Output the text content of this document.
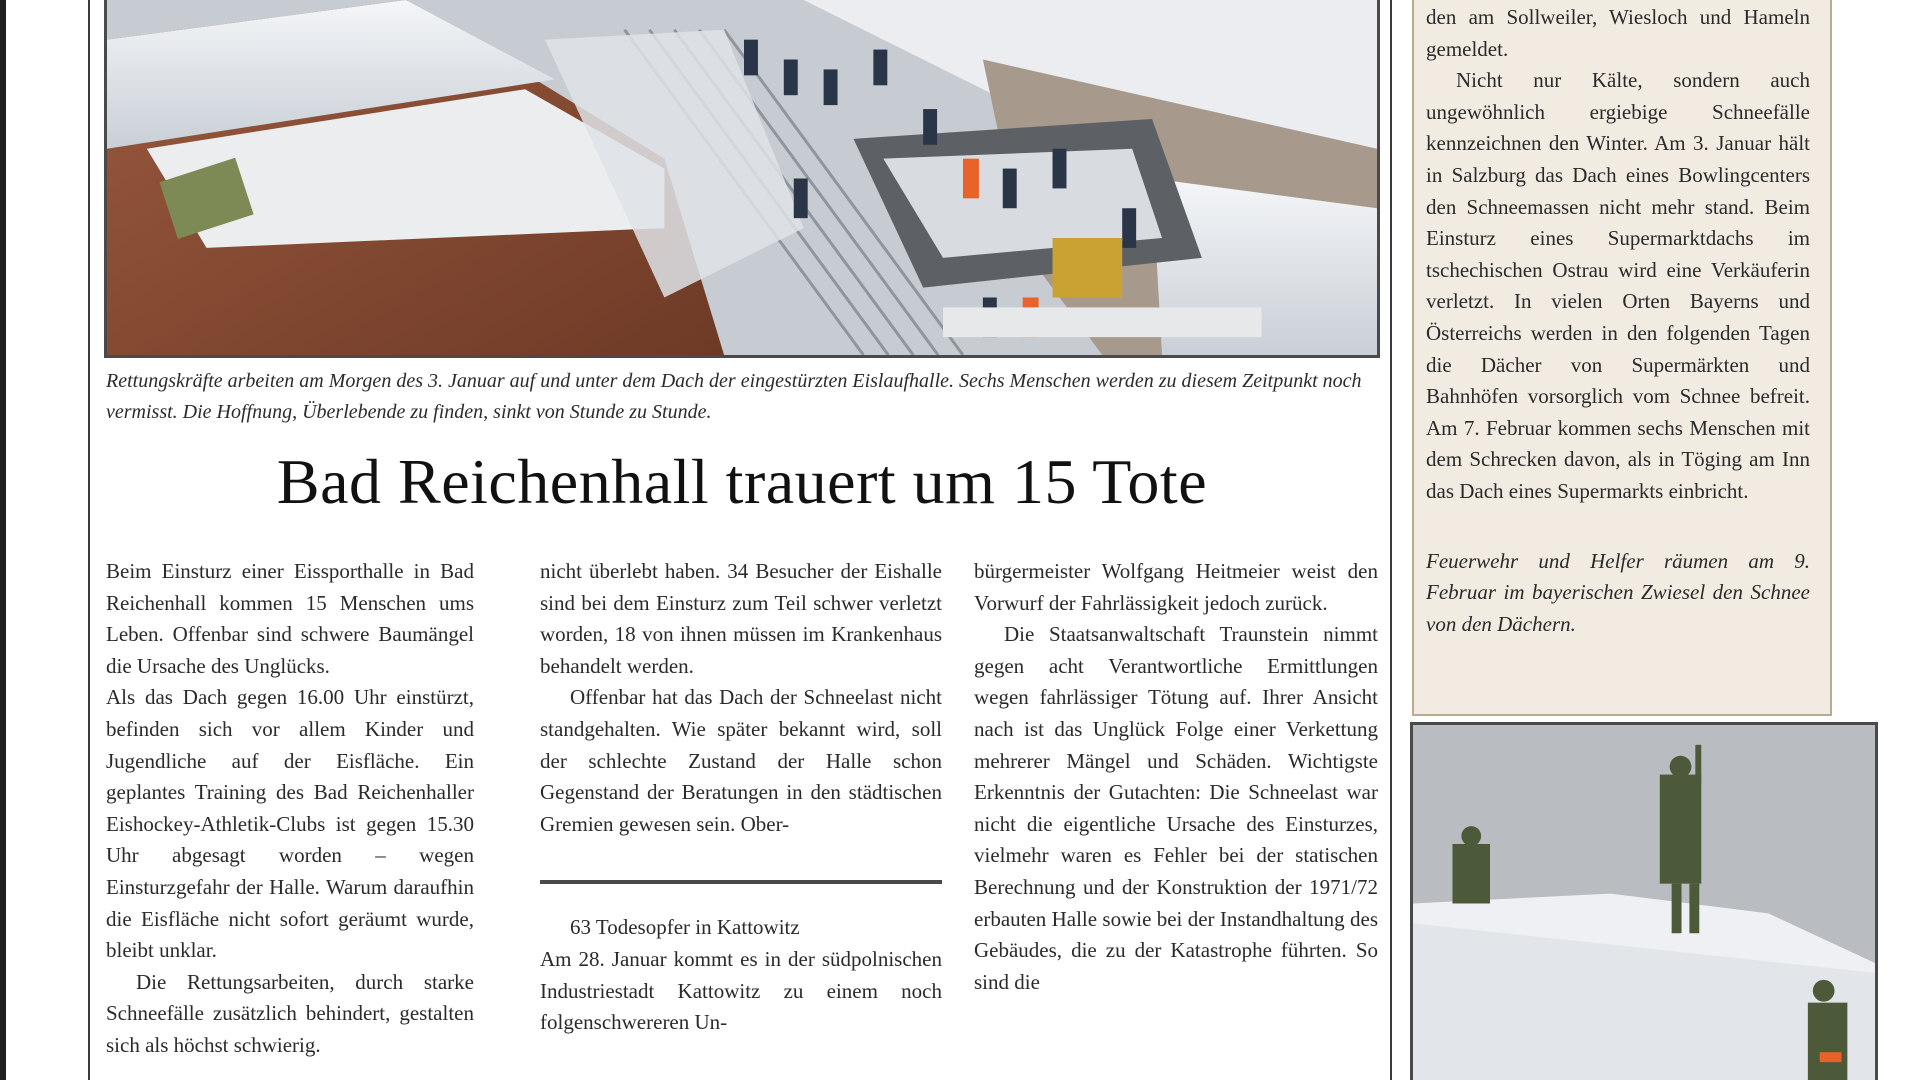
Rettungskräfte arbeiten am Morgen des 3. Januar auf und unter dem Dach der eingestürzten Eislaufhalle. Sechs Menschen werden zu diesem Zeitpunkt noch vermisst. Die Hoffnung, Überlebende zu finden, sinkt von Stunde zu Stunde.
Bad Reichenhall trauert um 15 Tote

Beim Einsturz einer Eissporthalle in Bad Reichenhall kommen 15 Menschen ums Leben. Offenbar sind schwere Baumängel die Ursache des Unglücks.

Als das Dach gegen 16.00 Uhr einstürzt, befinden sich vor allem Kinder und Jugendliche auf der Eisfläche. Ein geplantes Training des Bad Reichenhaller Eishockey-Athletik-Clubs ist gegen 15.30 Uhr abgesagt worden – wegen Einsturzgefahr der Halle. Warum daraufhin die Eisfläche nicht sofort geräumt wurde, bleibt unklar.

Die Rettungsarbeiten, durch starke Schneefälle zusätzlich behindert, gestalten sich als höchst schwierig.

nicht überlebt haben. 34 Besucher der Eishalle sind bei dem Einsturz zum Teil schwer verletzt worden, 18 von ihnen müssen im Krankenhaus behandelt werden.

Offenbar hat das Dach der Schneelast nicht standgehalten. Wie später bekannt wird, soll der schlechte Zustand der Halle schon Gegenstand der Beratungen in den städtischen Gremien gewesen sein. Ober-

63 Todesopfer in Kattowitz

Am 28. Januar kommt es in der südpolnischen Industriestadt Kattowitz zu einem noch folgenschwereren Un-

bürgermeister Wolfgang Heitmeier weist den Vorwurf der Fahrlässigkeit jedoch zurück.

Die Staatsanwaltschaft Traunstein nimmt gegen acht Verantwortliche Ermittlungen wegen fahrlässiger Tötung auf. Ihrer Ansicht nach ist das Unglück Folge einer Verkettung mehrerer Mängel und Schäden. Wichtigste Erkenntnis der Gutachten: Die Schneelast war nicht die eigentliche Ursache des Einsturzes, vielmehr waren es Fehler bei der statischen Berechnung und der Konstruktion der 1971/72 erbauten Halle sowie bei der Instandhaltung des Gebäudes, die zu der Katastrophe führten. So sind die

den am Sollweiler, Wiesloch und Hameln gemeldet.

Nicht nur Kälte, sondern auch ungewöhnlich ergiebige Schneefälle kennzeichnen den Winter. Am 3. Januar hält in Salzburg das Dach eines Bowlingcenters den Schneemassen nicht mehr stand. Beim Einsturz eines Supermarktdachs im tschechischen Ostrau wird eine Verkäuferin verletzt. In vielen Orten Bayerns und Österreichs werden in den folgenden Tagen die Dächer von Supermärkten und Bahnhöfen vorsorglich vom Schnee befreit. Am 7. Februar kommen sechs Menschen mit dem Schrecken davon, als in Töging am Inn das Dach eines Supermarkts einbricht.

Feuerwehr und Helfer räumen am 9. Februar im bayerischen Zwiesel den Schnee von den Dächern.
